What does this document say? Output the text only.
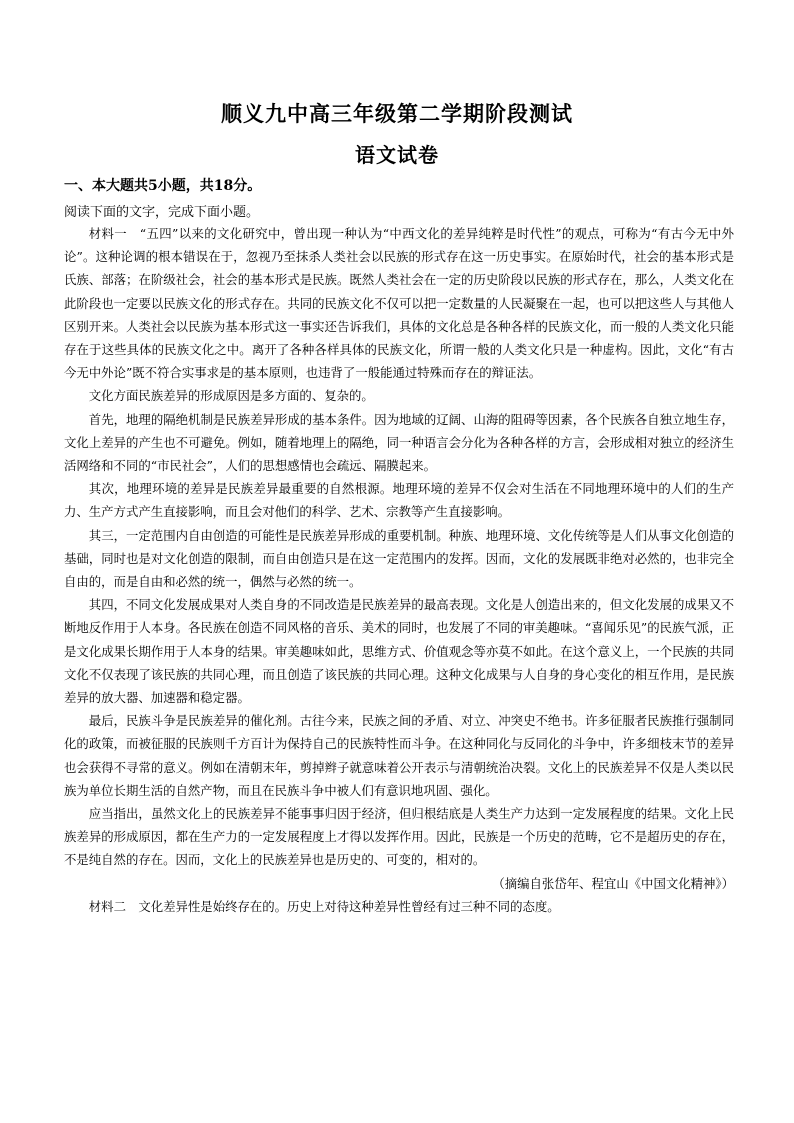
顺义九中高三年级第二学期阶段测试
语文试卷
一、本大题共5小题，共18分。
阅读下面的文字，完成下面小题。

材料一　“五四”以来的文化研究中，曾出现一种认为“中西文化的差异纯粹是时代性”的观点，可称为“有古今无中外论”。这种论调的根本错误在于，忽视乃至抹杀人类社会以民族的形式存在这一历史事实。在原始时代，社会的基本形式是氏族、部落；在阶级社会，社会的基本形式是民族。既然人类社会在一定的历史阶段以民族的形式存在，那么，人类文化在此阶段也一定要以民族文化的形式存在。共同的民族文化不仅可以把一定数量的人民凝聚在一起，也可以把这些人与其他人区别开来。人类社会以民族为基本形式这一事实还告诉我们，具体的文化总是各种各样的民族文化，而一般的人类文化只能存在于这些具体的民族文化之中。离开了各种各样具体的民族文化，所谓一般的人类文化只是一种虚构。因此，文化“有古今无中外论”既不符合实事求是的基本原则，也违背了一般能通过特殊而存在的辩证法。

文化方面民族差异的形成原因是多方面的、复杂的。

首先，地理的隔绝机制是民族差异形成的基本条件。因为地域的辽阔、山海的阻碍等因素，各个民族各自独立地生存，文化上差异的产生也不可避免。例如，随着地理上的隔绝，同一种语言会分化为各种各样的方言，会形成相对独立的经济生活网络和不同的“市民社会”，人们的思想感情也会疏远、隔膜起来。

其次，地理环境的差异是民族差异最重要的自然根源。地理环境的差异不仅会对生活在不同地理环境中的人们的生产力、生产方式产生直接影响，而且会对他们的科学、艺术、宗教等产生直接影响。

其三，一定范围内自由创造的可能性是民族差异形成的重要机制。种族、地理环境、文化传统等是人们从事文化创造的基础，同时也是对文化创造的限制，而自由创造只是在这一定范围内的发挥。因而，文化的发展既非绝对必然的，也非完全自由的，而是自由和必然的统一，偶然与必然的统一。

其四，不同文化发展成果对人类自身的不同改造是民族差异的最高表现。文化是人创造出来的，但文化发展的成果又不断地反作用于人本身。各民族在创造不同风格的音乐、美术的同时，也发展了不同的审美趣味。“喜闻乐见”的民族气派，正是文化成果长期作用于人本身的结果。审美趣味如此，思维方式、价值观念等亦莫不如此。在这个意义上，一个民族的共同文化不仅表现了该民族的共同心理，而且创造了该民族的共同心理。这种文化成果与人自身的身心变化的相互作用，是民族差异的放大器、加速器和稳定器。

最后，民族斗争是民族差异的催化剂。古往今来，民族之间的矛盾、对立、冲突史不绝书。许多征服者民族推行强制同化的政策，而被征服的民族则千方百计为保持自己的民族特性而斗争。在这种同化与反同化的斗争中，许多细枝末节的差异也会获得不寻常的意义。例如在清朝末年，剪掉辫子就意味着公开表示与清朝统治决裂。文化上的民族差异不仅是人类以民族为单位长期生活的自然产物，而且在民族斗争中被人们有意识地巩固、强化。

应当指出，虽然文化上的民族差异不能事事归因于经济，但归根结底是人类生产力达到一定发展程度的结果。文化上民族差异的形成原因，都在生产力的一定发展程度上才得以发挥作用。因此，民族是一个历史的范畴，它不是超历史的存在，不是纯自然的存在。因而，文化上的民族差异也是历史的、可变的，相对的。

（摘编自张岱年、程宜山《中国文化精神》）

材料二　文化差异性是始终存在的。历史上对待这种差异性曾经有过三种不同的态度。
